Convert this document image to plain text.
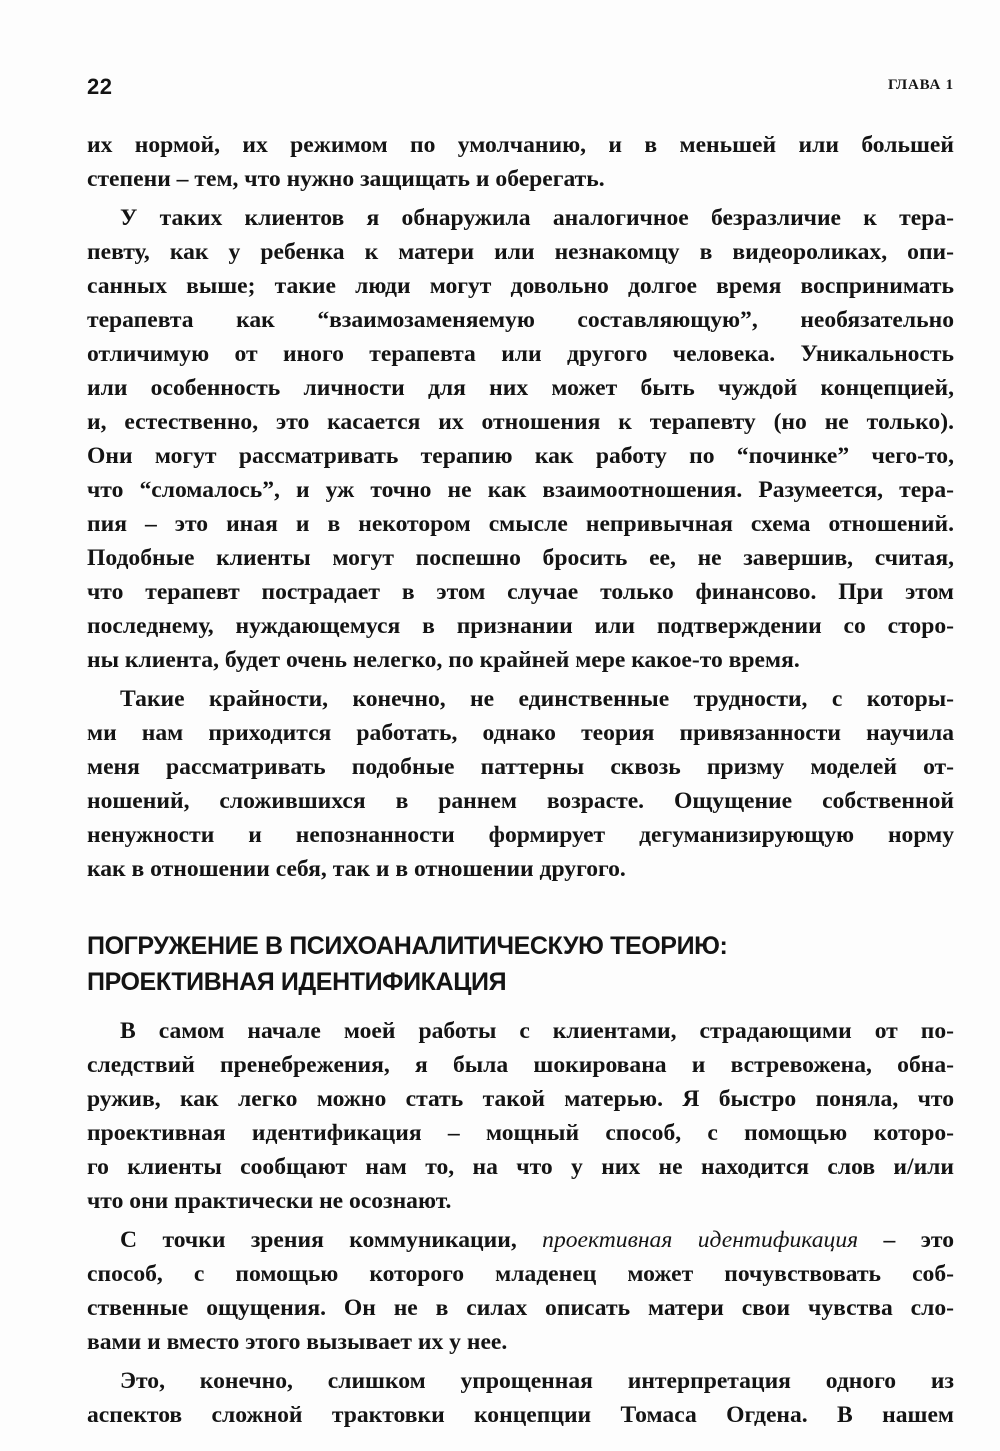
22	ГЛАВА 1
их нормой, их режимом по умолчанию, и в меньшей или большей
степени – тем, что нужно защищать и оберегать.
У таких клиентов я обнаружила аналогичное безразличие к тера-
певту, как у ребенка к матери или незнакомцу в видеороликах, опи-
санных выше; такие люди могут довольно долгое время воспринимать
терапевта как “взаимозаменяемую составляющую”, необязательно
отличимую от иного терапевта или другого человека. Уникальность
или особенность личности для них может быть чуждой концепцией,
и, естественно, это касается их отношения к терапевту (но не только).
Они могут рассматривать терапию как работу по “починке” чего-то,
что “сломалось”, и уж точно не как взаимоотношения. Разумеется, тера-
пия – это иная и в некотором смысле непривычная схема отношений.
Подобные клиенты могут поспешно бросить ее, не завершив, считая,
что терапевт пострадает в этом случае только финансово. При этом
последнему, нуждающемуся в признании или подтверждении со сторо-
ны клиента, будет очень нелегко, по крайней мере какое-то время.
Такие крайности, конечно, не единственные трудности, с которы-
ми нам приходится работать, однако теория привязанности научила
меня рассматривать подобные паттерны сквозь призму моделей от-
ношений, сложившихся в раннем возрасте. Ощущение собственной
ненужности и непознанности формирует дегуманизирующую норму
как в отношении себя, так и в отношении другого.
ПОГРУЖЕНИЕ В ПСИХОАНАЛИТИЧЕСКУЮ ТЕОРИЮ:
ПРОЕКТИВНАЯ ИДЕНТИФИКАЦИЯ
В самом начале моей работы с клиентами, страдающими от по-
следствий пренебрежения, я была шокирована и встревожена, обна-
ружив, как легко можно стать такой матерью. Я быстро поняла, что
проективная идентификация – мощный способ, с помощью которо-
го клиенты сообщают нам то, на что у них не находится слов и/или
что они практически не осознают.
С точки зрения коммуникации, проективная идентификация – это
способ, с помощью которого младенец может почувствовать соб-
ственные ощущения. Он не в силах описать матери свои чувства сло-
вами и вместо этого вызывает их у нее.
Это, конечно, слишком упрощенная интерпретация одного из
аспектов сложной трактовки концепции Томаса Огдена. В нашем
